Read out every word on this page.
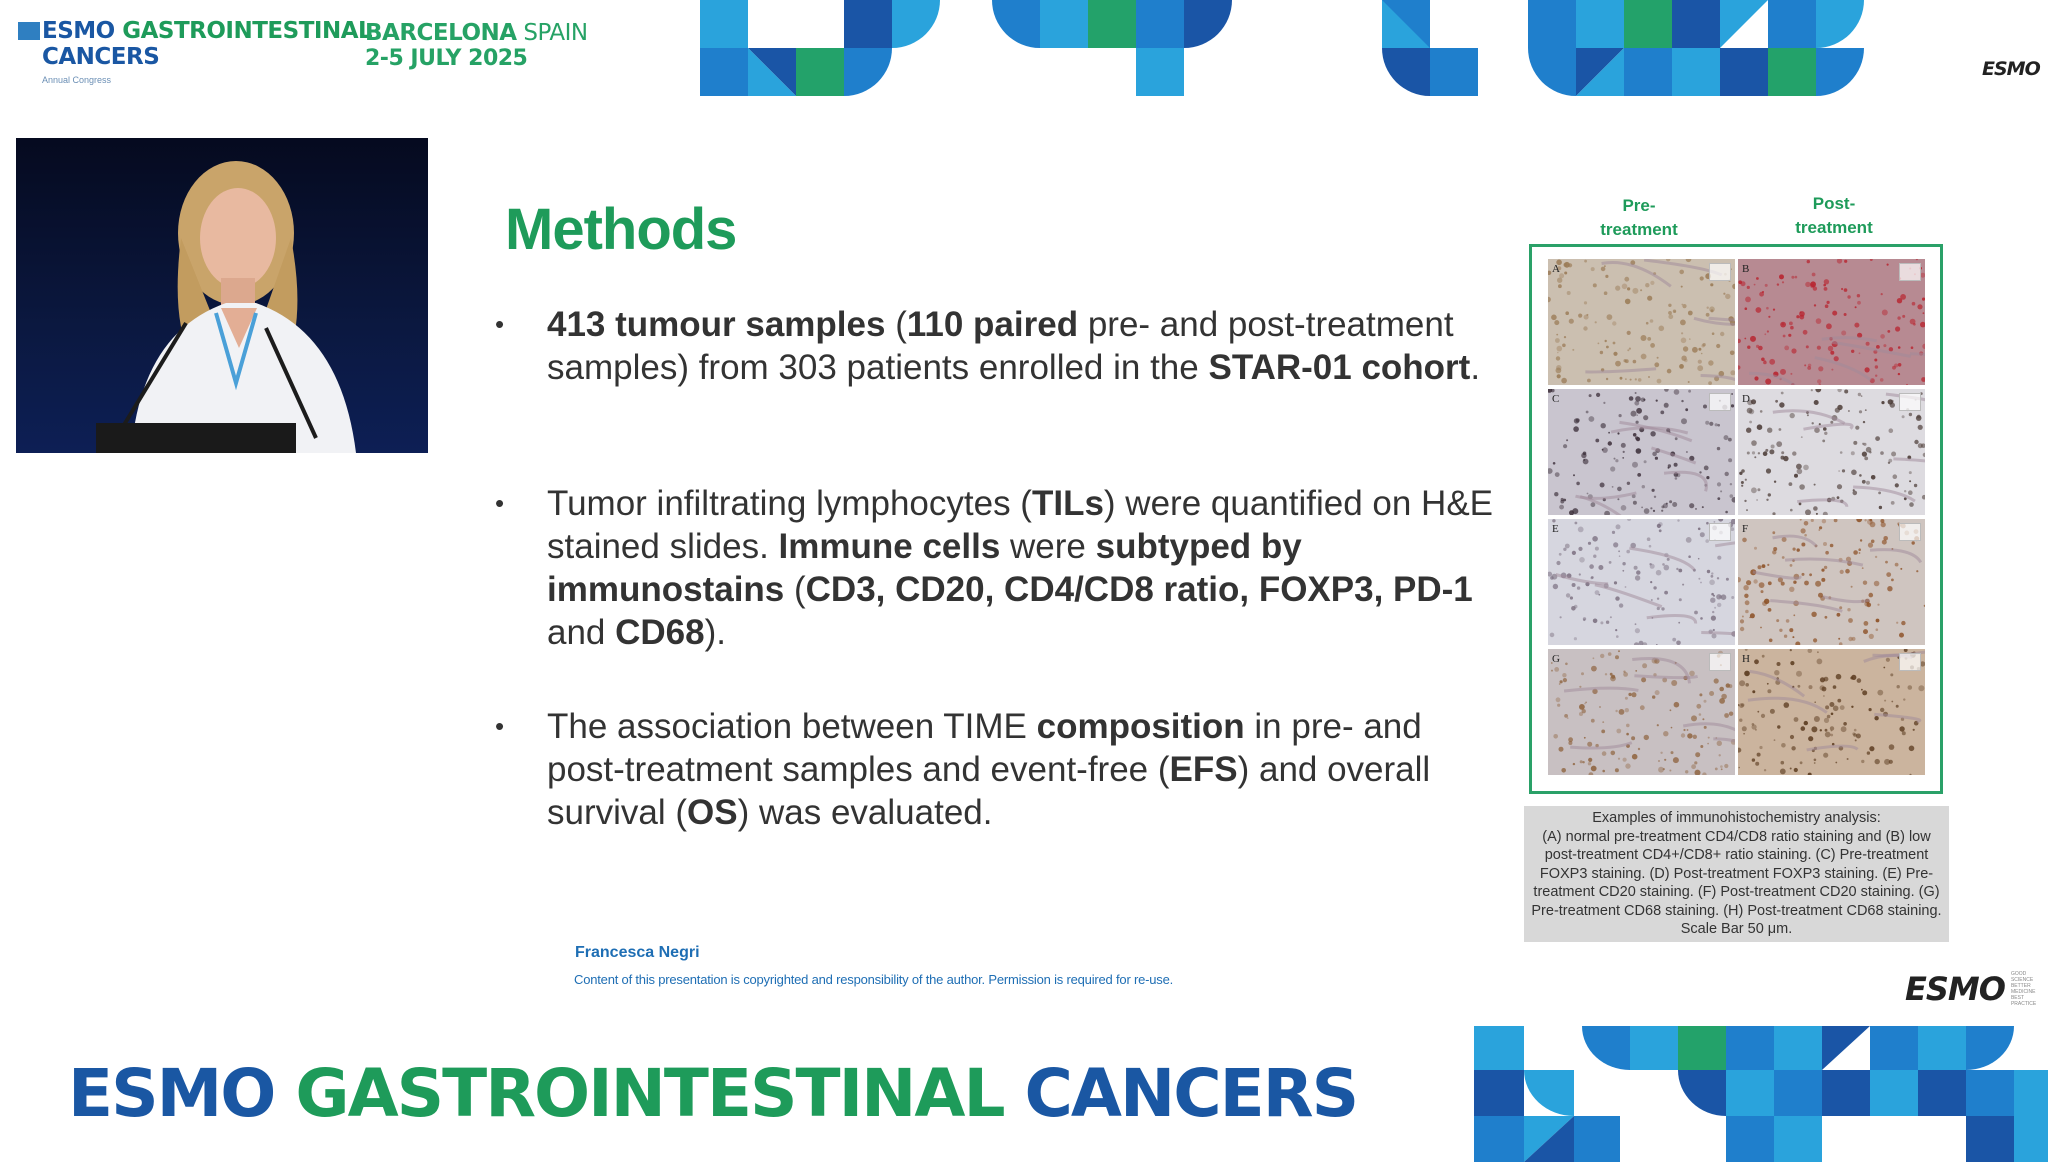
ESMO GASTROINTESTINAL
CANCERS
Annual Congress
BARCELONA SPAIN
2-5 JULY 2025	ESMO
Methods
• 413 tumour samples (110 paired pre- and post-treatment samples) from 303 patients enrolled in the STAR-01 cohort.

• Tumor infiltrating lymphocytes (TILs) were quantified on H&E stained slides. Immune cells were subtyped by immunostains (CD3, CD20, CD4/CD8 ratio, FOXP3, PD-1 and CD68).

• The association between TIME composition in pre- and post-treatment samples and event-free (EFS) and overall survival (OS) was evaluated.

Pre-
treatment
Post-
treatment
A	B
C	D
E	F
G	H
Examples of immunohistochemistry analysis:
(A) normal pre-treatment CD4/CD8 ratio staining and (B) low post-treatment CD4+/CD8+ ratio staining. (C) Pre-treatment FOXP3 staining. (D) Post-treatment FOXP3 staining. (E) Pre-treatment CD20 staining. (F) Post-treatment CD20 staining. (G) Pre-treatment CD68 staining. (H) Post-treatment CD68 staining. Scale Bar 50 μm.
Francesca Negri
Content of this presentation is copyrighted and responsibility of the author. Permission is required for re-use.	ESMO GOOD SCIENCE
BETTER MEDICINE
BEST PRACTICE
ESMO GASTROINTESTINAL CANCERS
